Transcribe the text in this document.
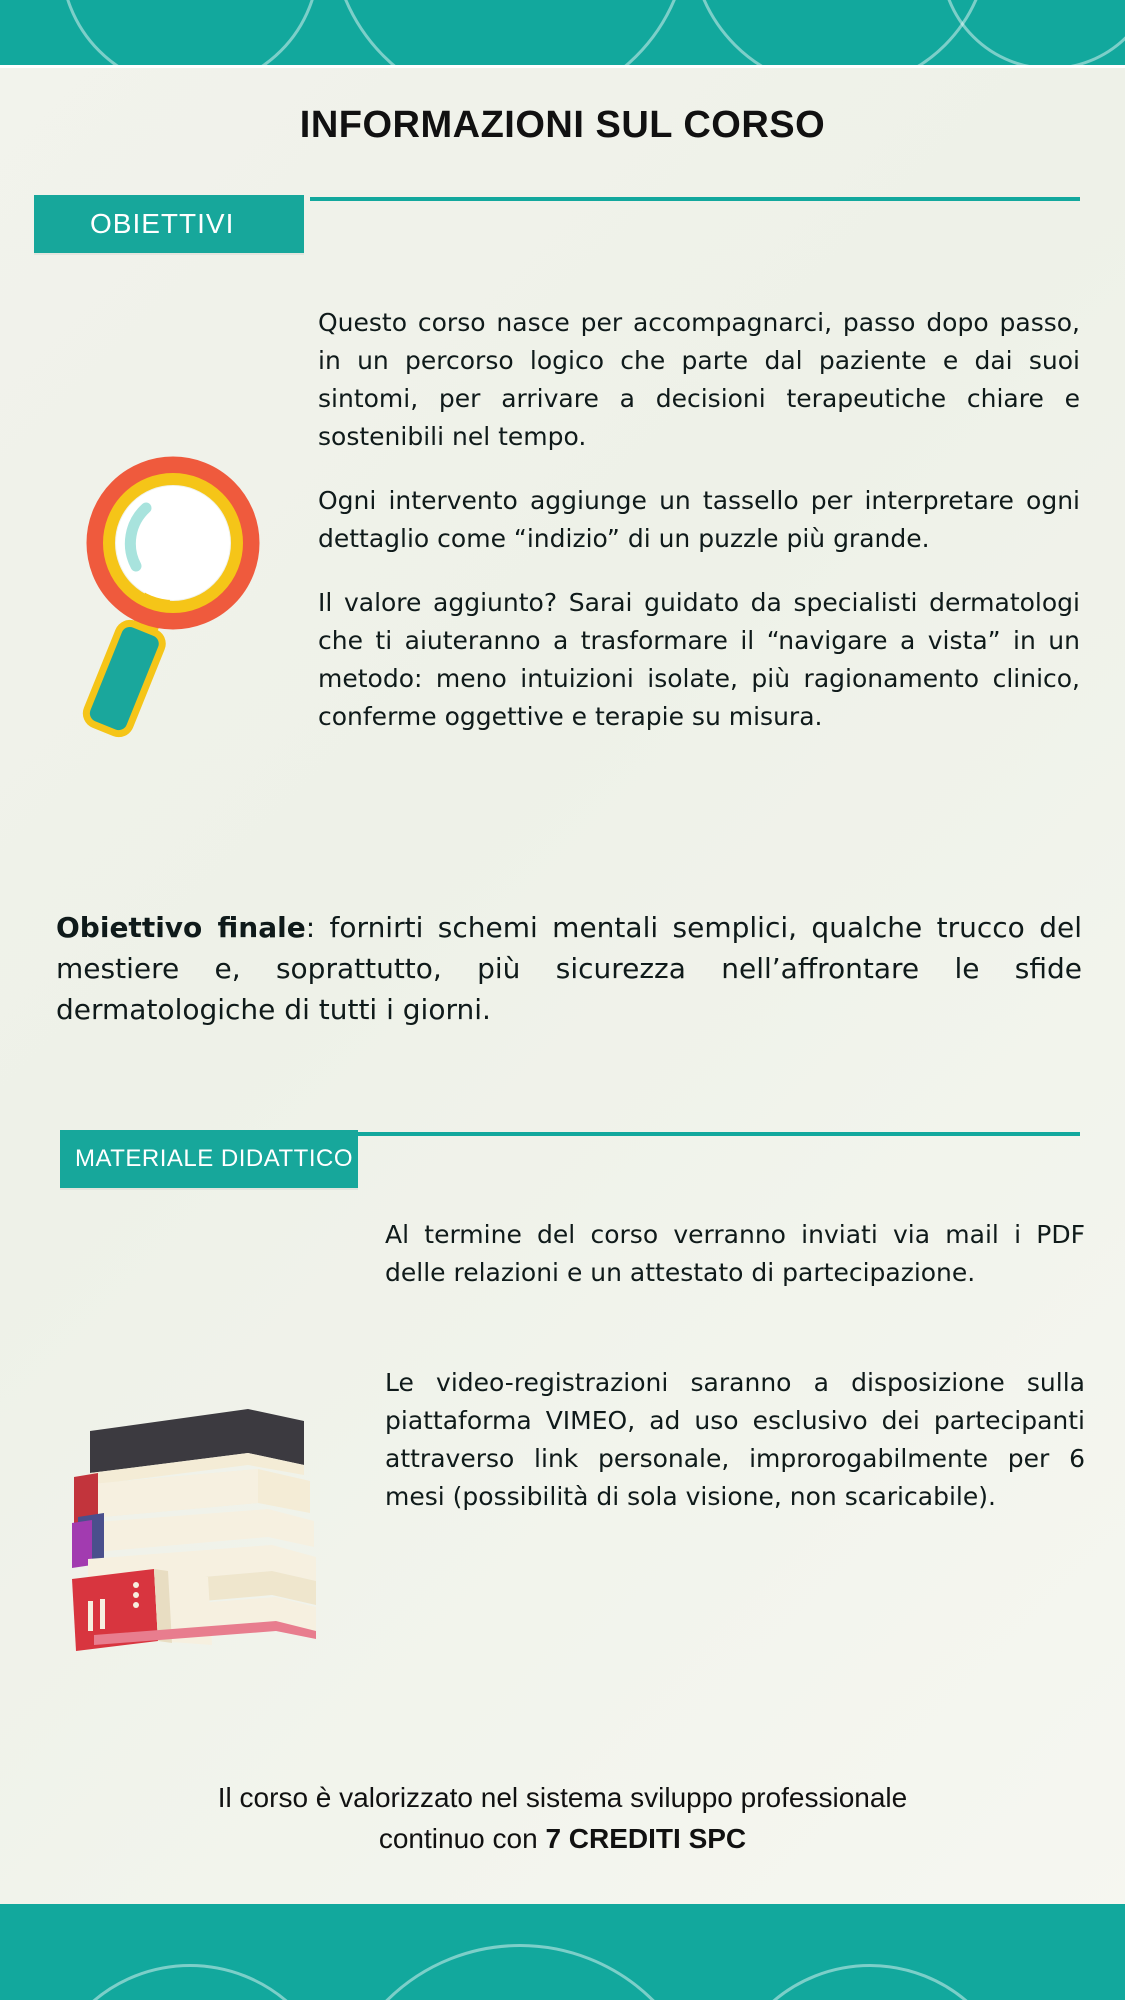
INFORMAZIONI SUL CORSO
OBIETTIVI

Questo corso nasce per accompagnarci, passo dopo passo, in un percorso logico che parte dal paziente e dai suoi sintomi, per arrivare a decisioni terapeutiche chiare e sostenibili nel tempo.

Ogni intervento aggiunge un tassello per interpretare ogni dettaglio come “indizio” di un puzzle più grande.

Il valore aggiunto? Sarai guidato da specialisti dermatologi che ti aiuteranno a trasformare il “navigare a vista” in un metodo: meno intuizioni isolate, più ragionamento clinico, conferme oggettive e terapie su misura.

Obiettivo finale: fornirti schemi mentali semplici, qualche trucco del mestiere e, soprattutto, più sicurezza nell’affrontare le sfide dermatologiche di tutti i giorni.
MATERIALE DIDATTICO

Al termine del corso verranno inviati via mail i PDF delle relazioni e un attestato di partecipazione.

Le video-registrazioni saranno a disposizione sulla piattaforma VIMEO, ad uso esclusivo dei partecipanti attraverso link personale, improrogabilmente per 6 mesi (possibilità di sola visione, non scaricabile).

Il corso è valorizzato nel sistema sviluppo professionale
continuo con 7 CREDITI SPC
